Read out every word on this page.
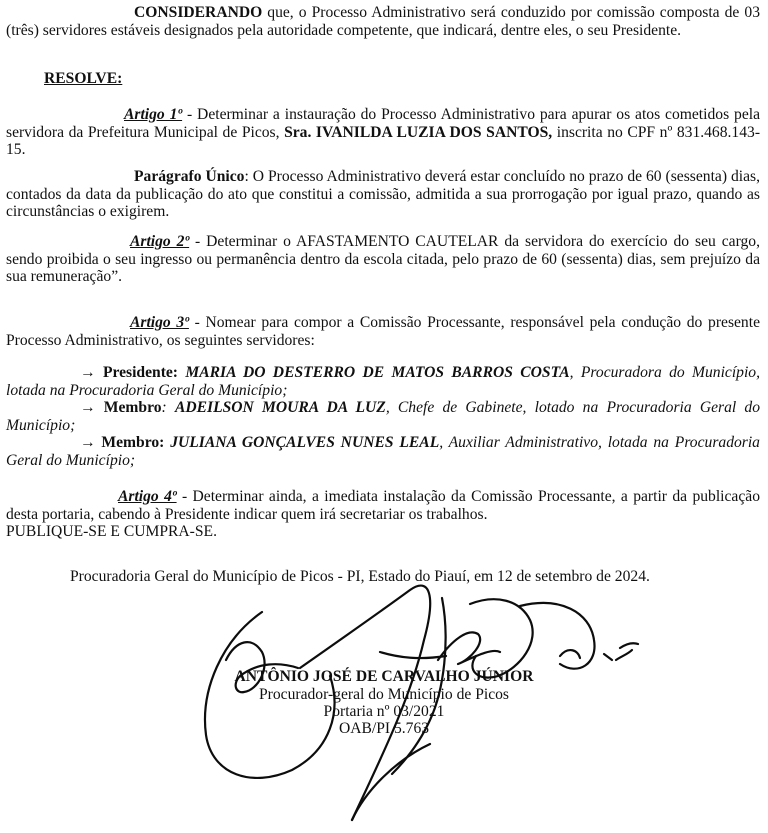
CONSIDERANDO que, o Processo Administrativo será conduzido por comissão composta de 03 (três) servidores estáveis designados pela autoridade competente, que indicará, dentre eles, o seu Presidente.

RESOLVE:

Artigo 1º - Determinar a instauração do Processo Administrativo para apurar os atos cometidos pela servidora da Prefeitura Municipal de Picos, Sra. IVANILDA LUZIA DOS SANTOS, inscrita no CPF nº 831.468.143-15.

Parágrafo Único: O Processo Administrativo deverá estar concluído no prazo de 60 (sessenta) dias, contados da data da publicação do ato que constitui a comissão, admitida a sua prorrogação por igual prazo, quando as circunstâncias o exigirem.

Artigo 2º - Determinar o AFASTAMENTO CAUTELAR da servidora do exercício do seu cargo, sendo proibida o seu ingresso ou permanência dentro da escola citada, pelo prazo de 60 (sessenta) dias, sem prejuízo da sua remuneração”.

Artigo 3º - Nomear para compor a Comissão Processante, responsável pela condução do presente Processo Administrativo, os seguintes servidores:

→ Presidente: MARIA DO DESTERRO DE MATOS BARROS COSTA, Procuradora do Município, lotada na Procuradoria Geral do Município;

→ Membro: ADEILSON MOURA DA LUZ, Chefe de Gabinete, lotado na Procuradoria Geral do Município;

→ Membro: JULIANA GONÇALVES NUNES LEAL, Auxiliar Administrativo, lotada na Procuradoria Geral do Município;

Artigo 4º - Determinar ainda, a imediata instalação da Comissão Processante, a partir da publicação desta portaria, cabendo à Presidente indicar quem irá secretariar os trabalhos.
PUBLIQUE-SE E CUMPRA-SE.

Procuradoria Geral do Município de Picos - PI, Estado do Piauí, em 12 de setembro de 2024.

ANTÔNIO JOSÉ DE CARVALHO JÚNIOR
Procurador-geral do Município de Picos
Portaria nº 03/2021
OAB/PI 5.763
